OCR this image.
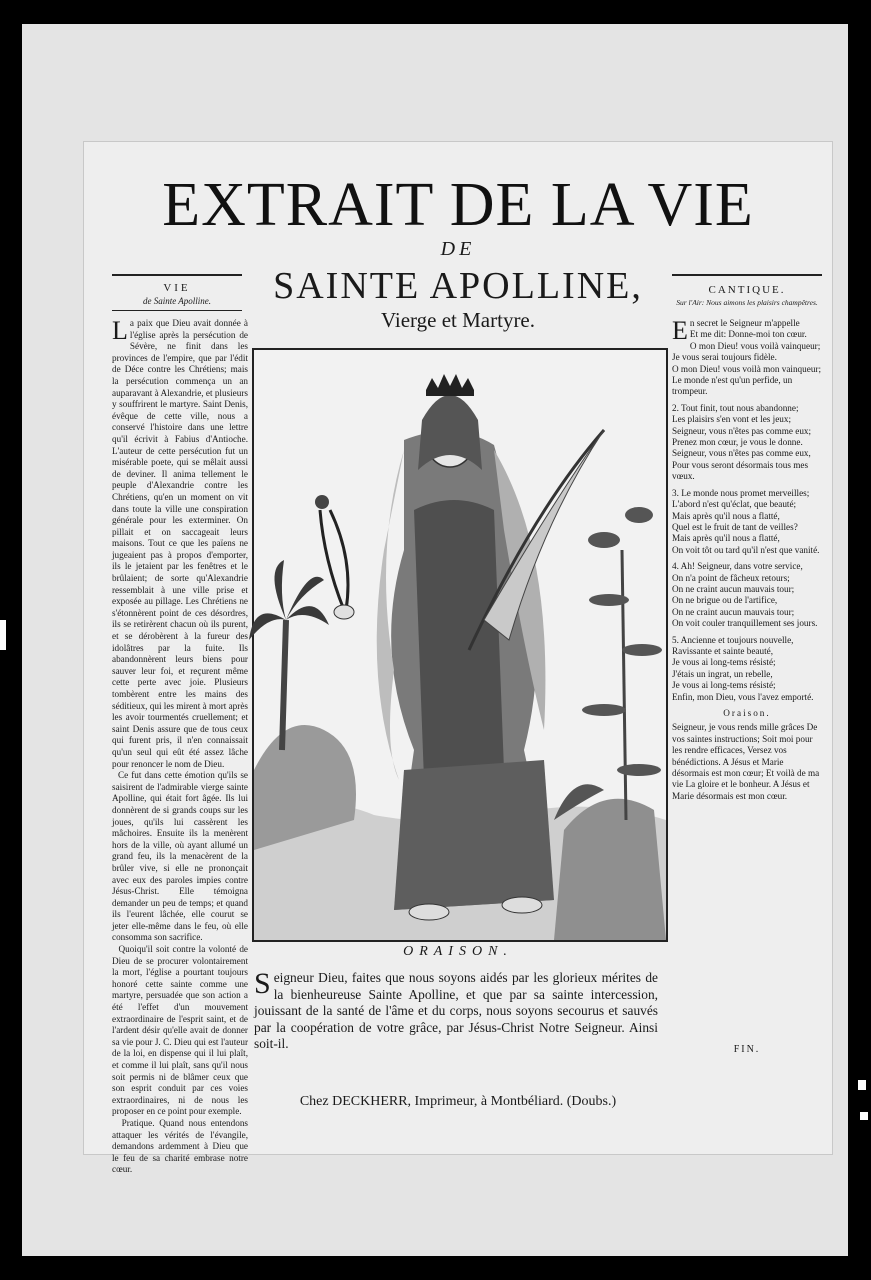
EXTRAIT DE LA VIE
DE
SAINTE APOLLINE,
Vierge et Martyre.
VIE
de Sainte Apolline.

La paix que Dieu avait donnée à l'église après la persécution de Sévère, ne finit dans les provinces de l'empire, que par l'édit de Déce contre les Chrétiens; mais la persécution commença un an auparavant à Alexandrie, et plusieurs y souffrirent le martyre. Saint Denis, évêque de cette ville, nous a conservé l'histoire dans une lettre qu'il écrivit à Fabius d'Antioche. L'auteur de cette persécution fut un misérable poete, qui se mêlait aussi de deviner. Il anima tellement le peuple d'Alexandrie contre les Chrétiens, qu'en un moment on vit dans toute la ville une conspiration générale pour les exterminer. On pillait et on saccageait leurs maisons. Tout ce que les païens ne jugeaient pas à propos d'emporter, ils le jetaient par les fenêtres et le brûlaient; de sorte qu'Alexandrie ressemblait à une ville prise et exposée au pillage. Les Chrétiens ne s'étonnèrent point de ces désordres, ils se retirèrent chacun où ils purent, et se dérobèrent à la fureur des idolâtres par la fuite. Ils abandonnèrent leurs biens pour sauver leur foi, et reçurent même cette perte avec joie. Plusieurs tombèrent entre les mains des séditieux, qui les mirent à mort après les avoir tourmentés cruellement; et saint Denis assure que de tous ceux qui furent pris, il n'en connaissait qu'un seul qui eût été assez lâche pour renoncer le nom de Dieu.

Ce fut dans cette émotion qu'ils se saisirent de l'admirable vierge sainte Apolline, qui était fort âgée. Ils lui donnèrent de si grands coups sur les joues, qu'ils lui cassèrent les mâchoires. Ensuite ils la menèrent hors de la ville, où ayant allumé un grand feu, ils la menacèrent de la brûler vive, si elle ne prononçait avec eux des paroles impies contre Jésus-Christ. Elle témoigna demander un peu de temps; et quand ils l'eurent lâchée, elle courut se jeter elle-même dans le feu, où elle consomma son sacrifice.

Quoiqu'il soit contre la volonté de Dieu de se procurer volontairement la mort, l'église a pourtant toujours honoré cette sainte comme une martyre, persuadée que son action a été l'effet d'un mouvement extraordinaire de l'esprit saint, et de l'ardent désir qu'elle avait de donner sa vie pour J. C. Dieu qui est l'auteur de la loi, en dispense qui il lui plaît, et comme il lui plaît, sans qu'il nous soit permis ni de blâmer ceux que son esprit conduit par ces voies extraordinaires, ni de nous les proposer en ce point pour exemple.

Pratique. Quand nous entendons attaquer les vérités de l'évangile, demandons ardemment à Dieu que le feu de sa charité embrase notre cœur.

CANTIQUE.
Sur l'Air: Nous aimons les plaisirs champêtres.
E n secret le Seigneur m'appelle
Et me dit: Donne-moi ton cœur.
O mon Dieu! vous voilà vainqueur;
Je vous serai toujours fidèle.
O mon Dieu! vous voilà mon vainqueur;
Le monde n'est qu'un perfide, un trompeur.
2. Tout finit, tout nous abandonne;
Les plaisirs s'en vont et les jeux;
Seigneur, vous n'êtes pas comme eux;
Prenez mon cœur, je vous le donne.
Seigneur, vous n'êtes pas comme eux,
Pour vous seront désormais tous mes vœux.
3. Le monde nous promet merveilles;
L'abord n'est qu'éclat, que beauté;
Mais après qu'il nous a flatté,
Quel est le fruit de tant de veilles?
Mais après qu'il nous a flatté,
On voit tôt ou tard qu'il n'est que vanité.
4. Ah! Seigneur, dans votre service,
On n'a point de fâcheux retours;
On ne craint aucun mauvais tour;
On ne brigue ou de l'artifice,
On ne craint aucun mauvais tour;
On voit couler tranquillement ses jours.
5. Ancienne et toujours nouvelle,
Ravissante et sainte beauté,
Je vous ai long-tems résisté;
J'étais un ingrat, un rebelle,
Je vous ai long-tems résisté;
Enfin, mon Dieu, vous l'avez emporté.
Oraison.
Seigneur, je vous rends mille grâces De vos saintes instructions; Soit moi pour les rendre efficaces, Versez vos bénédictions. A Jésus et Marie désormais est mon cœur; Et voilà de ma vie La gloire et le bonheur. A Jésus et Marie désormais est mon cœur.
FIN.
ORAISON.
Seigneur Dieu, faites que nous soyons aidés par les glorieux mérites de la bienheureuse Sainte Apolline, et que par sa sainte intercession, jouissant de la santé de l'âme et du corps, nous soyons secourus et sauvés par la coopération de votre grâce, par Jésus-Christ Notre Seigneur. Ainsi soit-il.
Chez DECKHERR, Imprimeur, à Montbéliard. (Doubs.)
